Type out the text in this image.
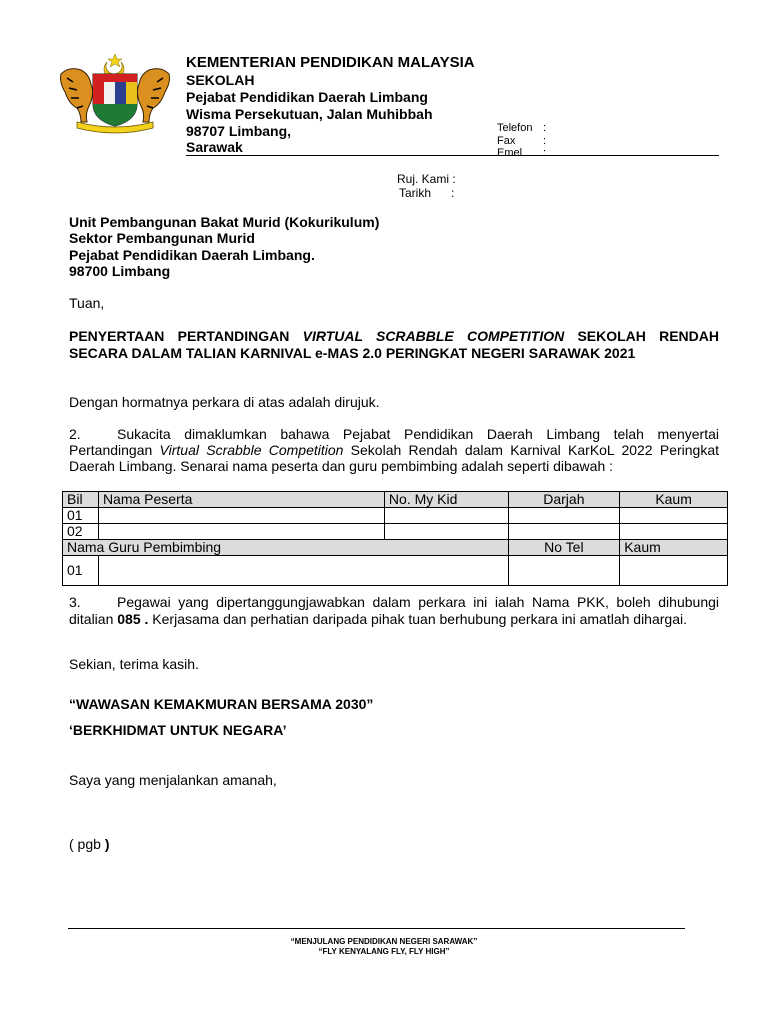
KEMENTERIAN PENDIDIKAN MALAYSIA
SEKOLAH
Pejabat Pendidikan Daerah Limbang
Wisma Persekutuan, Jalan Muhibbah
98707 Limbang,
Sarawak
Telefon :
Fax	:
Emel :
Ruj. Kami :
Tarikh :
Unit Pembangunan Bakat Murid (Kokurikulum)
Sektor Pembangunan Murid
Pejabat Pendidikan Daerah Limbang.
98700 Limbang
Tuan,
PENYERTAAN PERTANDINGAN VIRTUAL SCRABBLE COMPETITION SEKOLAH RENDAH SECARA DALAM TALIAN KARNIVAL e-MAS 2.0 PERINGKAT NEGERI SARAWAK 2021
Dengan hormatnya perkara di atas adalah dirujuk.
2.	Sukacita dimaklumkan bahawa Pejabat Pendidikan Daerah Limbang telah menyertai Pertandingan Virtual Scrabble Competition Sekolah Rendah dalam Karnival KarKoL 2022 Peringkat Daerah Limbang. Senarai nama peserta dan guru pembimbing adalah seperti dibawah :
Bil	Nama Peserta	No. My Kid	Darjah	Kaum
01				
02				
Nama Guru Pembimbing			No Tel	Kaum
01				
3.	Pegawai yang dipertanggungjawabkan dalam perkara ini ialah Nama PKK, boleh dihubungi ditalian 085 . Kerjasama dan perhatian daripada pihak tuan berhubung perkara ini amatlah dihargai.
Sekian, terima kasih.
“WAWASAN KEMAKMURAN BERSAMA 2030”
‘BERKHIDMAT UNTUK NEGARA’
Saya yang menjalankan amanah,
( pgb )
“MENJULANG PENDIDIKAN NEGERI SARAWAK”
“FLY KENYALANG FLY, FLY HIGH”
